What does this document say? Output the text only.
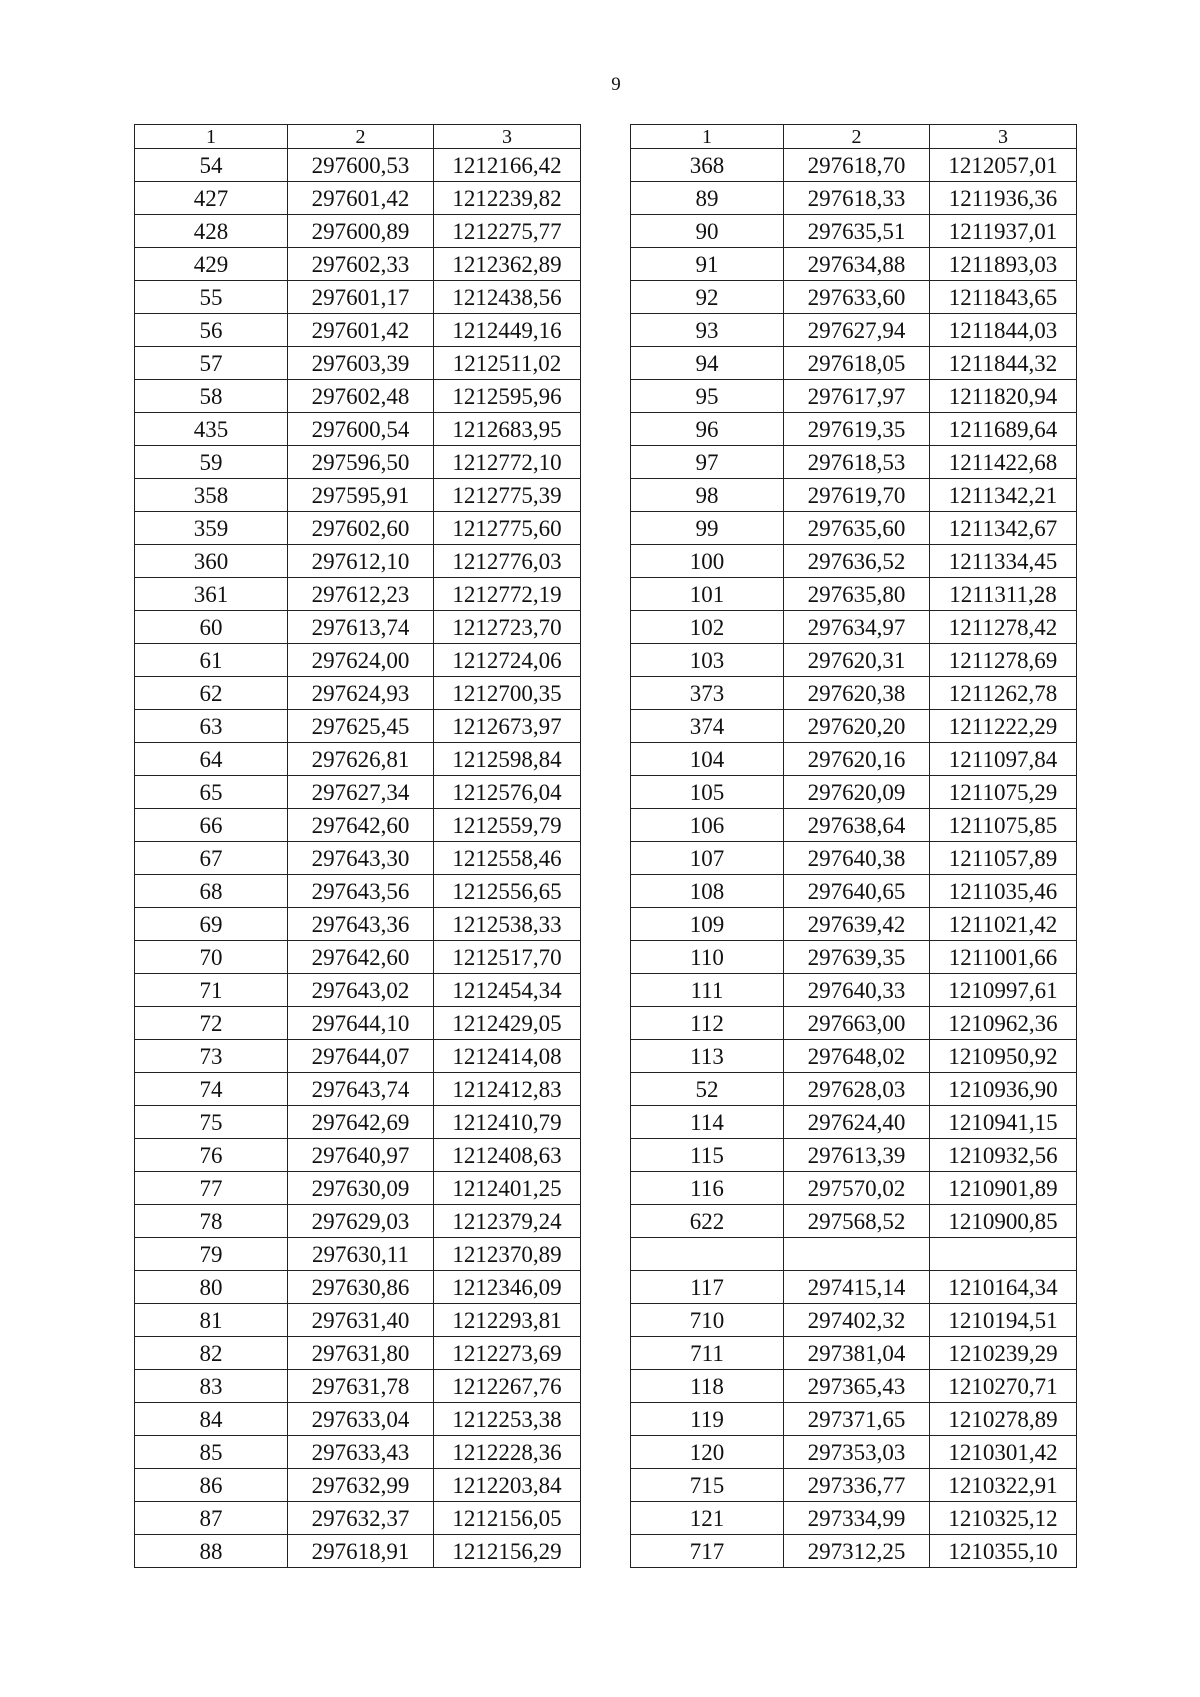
9
1	2	3
54	297600,53	1212166,42
427	297601,42	1212239,82
428	297600,89	1212275,77
429	297602,33	1212362,89
55	297601,17	1212438,56
56	297601,42	1212449,16
57	297603,39	1212511,02
58	297602,48	1212595,96
435	297600,54	1212683,95
59	297596,50	1212772,10
358	297595,91	1212775,39
359	297602,60	1212775,60
360	297612,10	1212776,03
361	297612,23	1212772,19
60	297613,74	1212723,70
61	297624,00	1212724,06
62	297624,93	1212700,35
63	297625,45	1212673,97
64	297626,81	1212598,84
65	297627,34	1212576,04
66	297642,60	1212559,79
67	297643,30	1212558,46
68	297643,56	1212556,65
69	297643,36	1212538,33
70	297642,60	1212517,70
71	297643,02	1212454,34
72	297644,10	1212429,05
73	297644,07	1212414,08
74	297643,74	1212412,83
75	297642,69	1212410,79
76	297640,97	1212408,63
77	297630,09	1212401,25
78	297629,03	1212379,24
79	297630,11	1212370,89
80	297630,86	1212346,09
81	297631,40	1212293,81
82	297631,80	1212273,69
83	297631,78	1212267,76
84	297633,04	1212253,38
85	297633,43	1212228,36
86	297632,99	1212203,84
87	297632,37	1212156,05
88	297618,91	1212156,29
1	2	3
368	297618,70	1212057,01
89	297618,33	1211936,36
90	297635,51	1211937,01
91	297634,88	1211893,03
92	297633,60	1211843,65
93	297627,94	1211844,03
94	297618,05	1211844,32
95	297617,97	1211820,94
96	297619,35	1211689,64
97	297618,53	1211422,68
98	297619,70	1211342,21
99	297635,60	1211342,67
100	297636,52	1211334,45
101	297635,80	1211311,28
102	297634,97	1211278,42
103	297620,31	1211278,69
373	297620,38	1211262,78
374	297620,20	1211222,29
104	297620,16	1211097,84
105	297620,09	1211075,29
106	297638,64	1211075,85
107	297640,38	1211057,89
108	297640,65	1211035,46
109	297639,42	1211021,42
110	297639,35	1211001,66
111	297640,33	1210997,61
112	297663,00	1210962,36
113	297648,02	1210950,92
52	297628,03	1210936,90
114	297624,40	1210941,15
115	297613,39	1210932,56
116	297570,02	1210901,89
622	297568,52	1210900,85

117	297415,14	1210164,34
710	297402,32	1210194,51
711	297381,04	1210239,29
118	297365,43	1210270,71
119	297371,65	1210278,89
120	297353,03	1210301,42
715	297336,77	1210322,91
121	297334,99	1210325,12
717	297312,25	1210355,10
